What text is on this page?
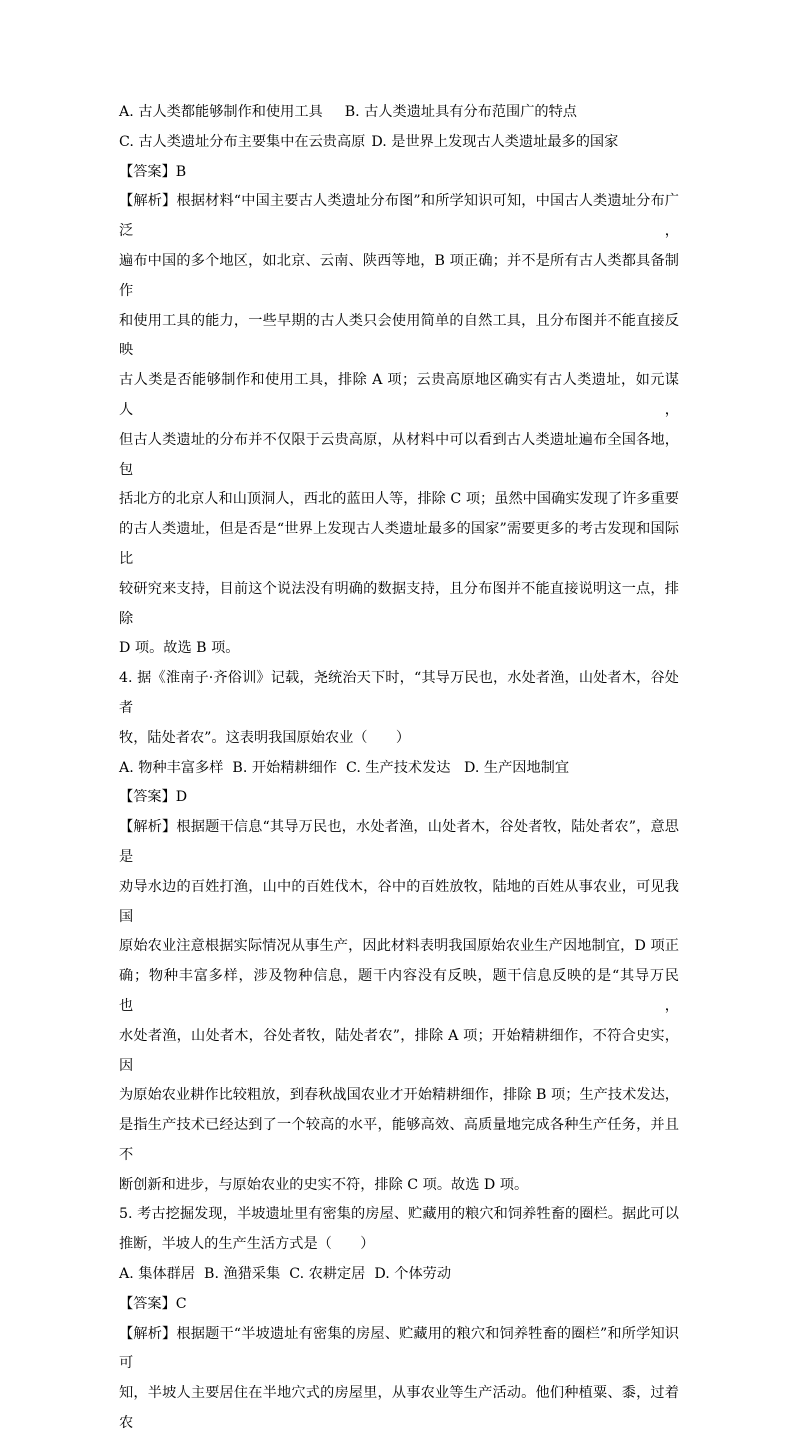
A. 古人类都能够制作和使用工具 B. 古人类遗址具有分布范围广的特点

C. 古人类遗址分布主要集中在云贵高原 D. 是世界上发现古人类遗址最多的国家

【答案】B

【解析】根据材料“中国主要古人类遗址分布图”和所学知识可知，中国古人类遗址分布广泛，

遍布中国的多个地区，如北京、云南、陕西等地，B 项正确；并不是所有古人类都具备制作

和使用工具的能力，一些早期的古人类只会使用简单的自然工具，且分布图并不能直接反映

古人类是否能够制作和使用工具，排除 A 项；云贵高原地区确实有古人类遗址，如元谋人，

但古人类遗址的分布并不仅限于云贵高原，从材料中可以看到古人类遗址遍布全国各地，包

括北方的北京人和山顶洞人，西北的蓝田人等，排除 C 项；虽然中国确实发现了许多重要

的古人类遗址，但是否是“世界上发现古人类遗址最多的国家”需要更多的考古发现和国际比

较研究来支持，目前这个说法没有明确的数据支持，且分布图并不能直接说明这一点，排除

D 项。故选 B 项。

4. 据《淮南子·齐俗训》记载，尧统治天下时，“其导万民也，水处者渔，山处者木，谷处者

牧，陆处者农”。这表明我国原始农业（　　）

A. 物种丰富多样  B. 开始精耕细作  C. 生产技术发达   D. 生产因地制宜

【答案】D

【解析】根据题干信息“其导万民也，水处者渔，山处者木，谷处者牧，陆处者农”，意思是

劝导水边的百姓打渔，山中的百姓伐木，谷中的百姓放牧，陆地的百姓从事农业，可见我国

原始农业注意根据实际情况从事生产，因此材料表明我国原始农业生产因地制宜，D 项正

确；物种丰富多样，涉及物种信息，题干内容没有反映，题干信息反映的是“其导万民也，

水处者渔，山处者木，谷处者牧，陆处者农”，排除 A 项；开始精耕细作，不符合史实，因

为原始农业耕作比较粗放，到春秋战国农业才开始精耕细作，排除 B 项；生产技术发达，

是指生产技术已经达到了一个较高的水平，能够高效、高质量地完成各种生产任务，并且不

断创新和进步，与原始农业的史实不符，排除 C 项。故选 D 项。

5. 考古挖掘发现，半坡遗址里有密集的房屋、贮藏用的粮穴和饲养牲畜的圈栏。据此可以

推断，半坡人的生产生活方式是（　　）

A. 集体群居  B. 渔猎采集  C. 农耕定居  D. 个体劳动

【答案】C

【解析】根据题干“半坡遗址有密集的房屋、贮藏用的粮穴和饲养牲畜的圈栏”和所学知识可

知，半坡人主要居住在半地穴式的房屋里，从事农业等生产活动。他们种植粟、黍，过着农
